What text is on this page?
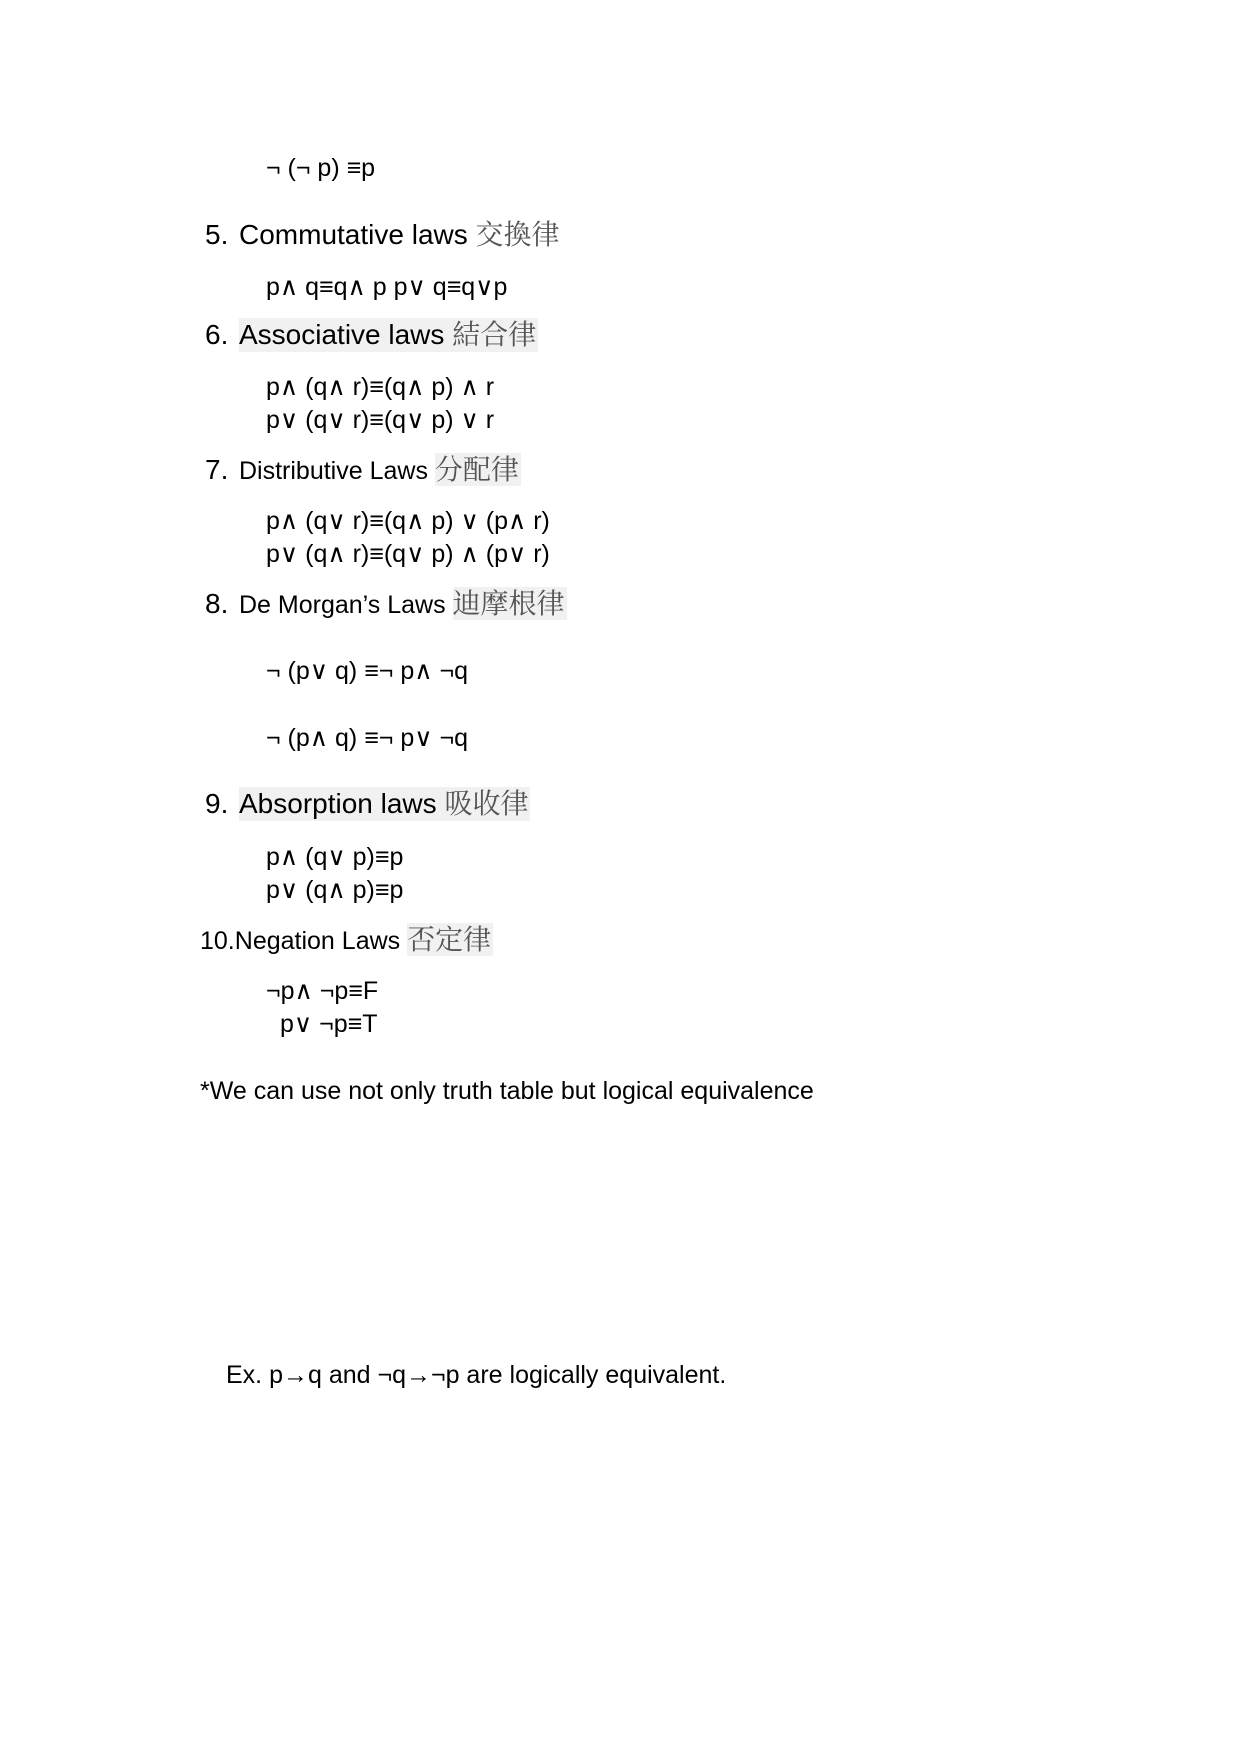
¬ (¬ p) ≡p
5. Commutative laws 交換律
p∧ q≡q∧ p p∨ q≡q∨p
6. Associative laws 結合律
p∧ (q∧ r)≡(q∧ p) ∧ r
p∨ (q∨ r)≡(q∨ p) ∨ r
7. Distributive Laws 分配律
p∧ (q∨ r)≡(q∧ p) ∨ (p∧ r)
p∨ (q∧ r)≡(q∨ p) ∧ (p∨ r)
8. De Morgan’s Laws 迪摩根律
¬ (p∨ q) ≡¬ p∧ ¬q
¬ (p∧ q) ≡¬ p∨ ¬q
9. Absorption laws 吸收律
p∧ (q∨ p)≡p
p∨ (q∧ p)≡p
10.Negation Laws 否定律
¬p∧ ¬p≡F
p∨ ¬p≡T
*We can use not only truth table but logical equivalence
Ex. p→q and ¬q→¬p are logically equivalent.
